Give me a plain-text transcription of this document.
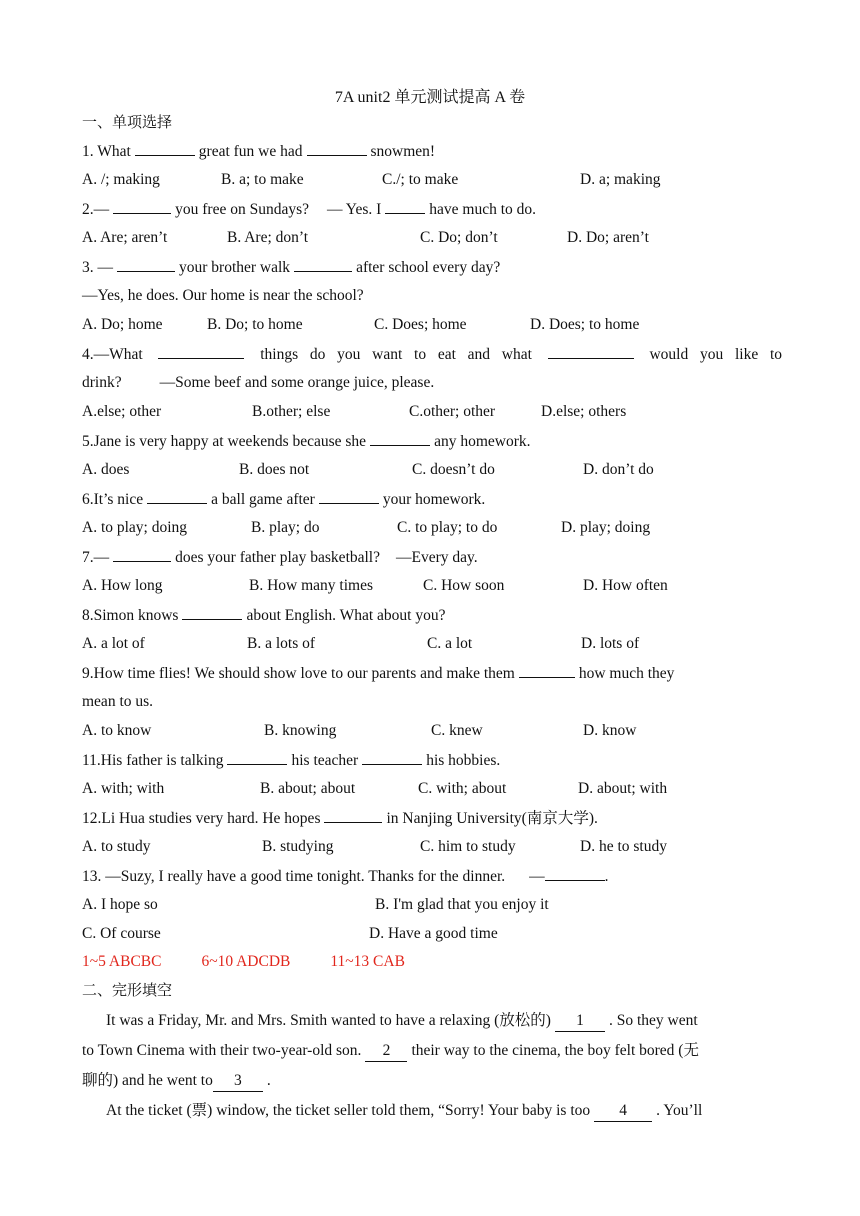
7A unit2 单元测试提高 A 卷
一、单项选择
1. What	great fun we had	snowmen!
A. /; making	B. a; to make	C./; to make	D. a; making
2.—	you free on Sundays? — Yes. I	have much to do.
A. Are; aren’t	B. Are; don’t	C. Do; don’t	D. Do; aren’t
3. —	your brother walk	after school every day?
—Yes, he does. Our home is near the school?
A. Do; home	B. Do; to home	C. Does; home	D. Does; to home
4.—What	things do you want to eat and what	would you like to
drink? —Some beef and some orange juice, please.
A.else; other	B.other; else	C.other; other	D.else; others
5.Jane is very happy at weekends because she	any homework.
A. does	B. does not	C. doesn’t do	D. don’t do
6.It’s nice	a ball game after	your homework.
A. to play; doing	B. play; do	C. to play; to do	D. play; doing
7.—	does your father play basketball? —Every day.
A. How long	B. How many times	C. How soon	D. How often
8.Simon knows	about English. What about you?
A. a lot of	B. a lots of	C. a lot	D. lots of
9.How time flies! We should show love to our parents and make them	how much they
mean to us.
A. to know	B. knowing	C. knew	D. know
11.His father is talking	his teacher	his hobbies.
A. with; with	B. about; about	C. with; about	D. about; with
12.Li Hua studies very hard. He hopes	in Nanjing University(南京大学).
A. to study	B. studying	C. him to study	D. he to study
13. —Suzy, I really have a good time tonight. Thanks for the dinner. —	.
A. I hope so	B. I'm glad that you enjoy it
C. Of course	D. Have a good time
1~5 ABCBC	6~10 ADCDB	11~13 CAB
二、完形填空
It was a Friday, Mr. and Mrs. Smith wanted to have a relaxing (放松的) 1 . So they went
to Town Cinema with their two-year-old son. 2 their way to the cinema, the boy felt bored (无
聊的) and he went to 3 .
At the ticket (票) window, the ticket seller told them, “Sorry! Your baby is too 4 . You’ll
